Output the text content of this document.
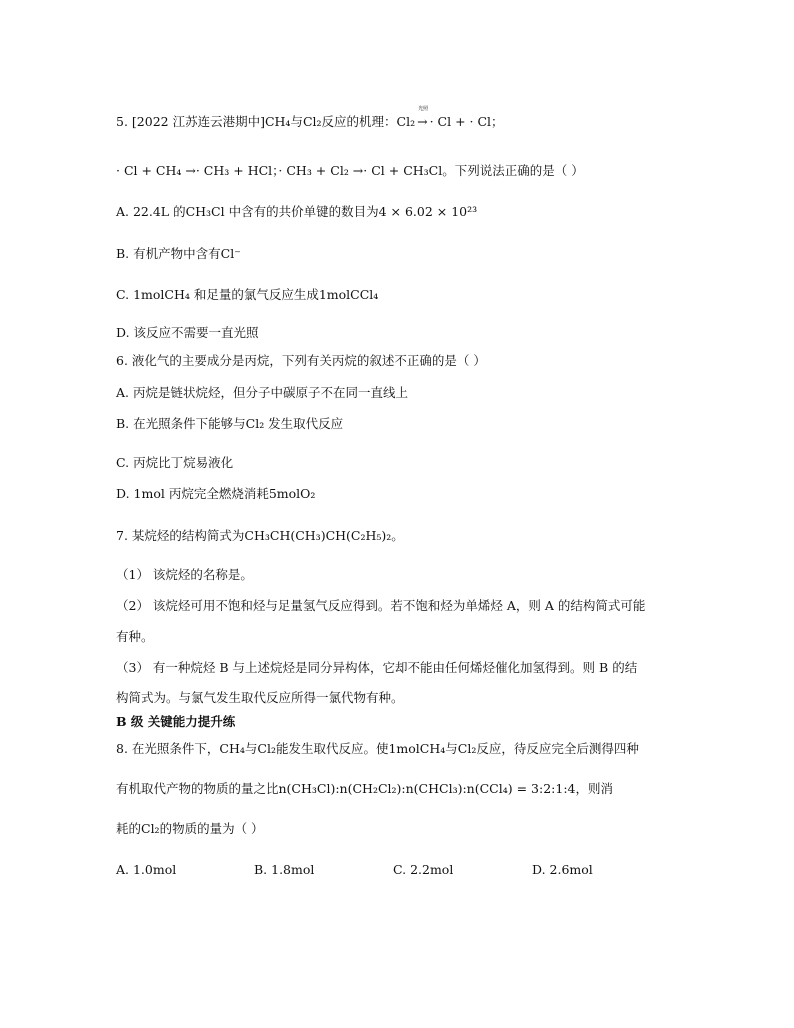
5. [2022 江苏连云港期中]CH₄与Cl₂反应的机理：Cl₂
光照
→ · Cl + · Cl；
· Cl + CH₄ →· CH₃ + HCl；· CH₃ + Cl₂ →· Cl + CH₃Cl。下列说法正确的是（ ）
A. 22.4L 的CH₃Cl 中含有的共价单键的数目为4 × 6.02 × 10²³
B. 有机产物中含有Cl⁻
C. 1molCH₄ 和足量的氯气反应生成1molCCl₄
D. 该反应不需要一直光照
6. 液化气的主要成分是丙烷，下列有关丙烷的叙述不正确的是（ ）
A. 丙烷是链状烷烃，但分子中碳原子不在同一直线上
B. 在光照条件下能够与Cl₂ 发生取代反应
C. 丙烷比丁烷易液化
D. 1mol 丙烷完全燃烧消耗5molO₂
7. 某烷烃的结构简式为CH₃CH(CH₃)CH(C₂H₅)₂。
（1） 该烷烃的名称是。
（2） 该烷烃可用不饱和烃与足量氢气反应得到。若不饱和烃为单烯烃 A，则 A 的结构简式可能
有种。
（3） 有一种烷烃 B 与上述烷烃是同分异构体，它却不能由任何烯烃催化加氢得到。则 B 的结
构简式为。与氯气发生取代反应所得一氯代物有种。
B 级 关键能力提升练
8. 在光照条件下，CH₄与Cl₂能发生取代反应。使1molCH₄与Cl₂反应，待反应完全后测得四种
有机取代产物的物质的量之比n(CH₃Cl):n(CH₂Cl₂):n(CHCl₃):n(CCl₄) = 3:2:1:4，则消
耗的Cl₂的物质的量为（ ）
A. 1.0mol	B. 1.8mol	C. 2.2mol	D. 2.6mol
